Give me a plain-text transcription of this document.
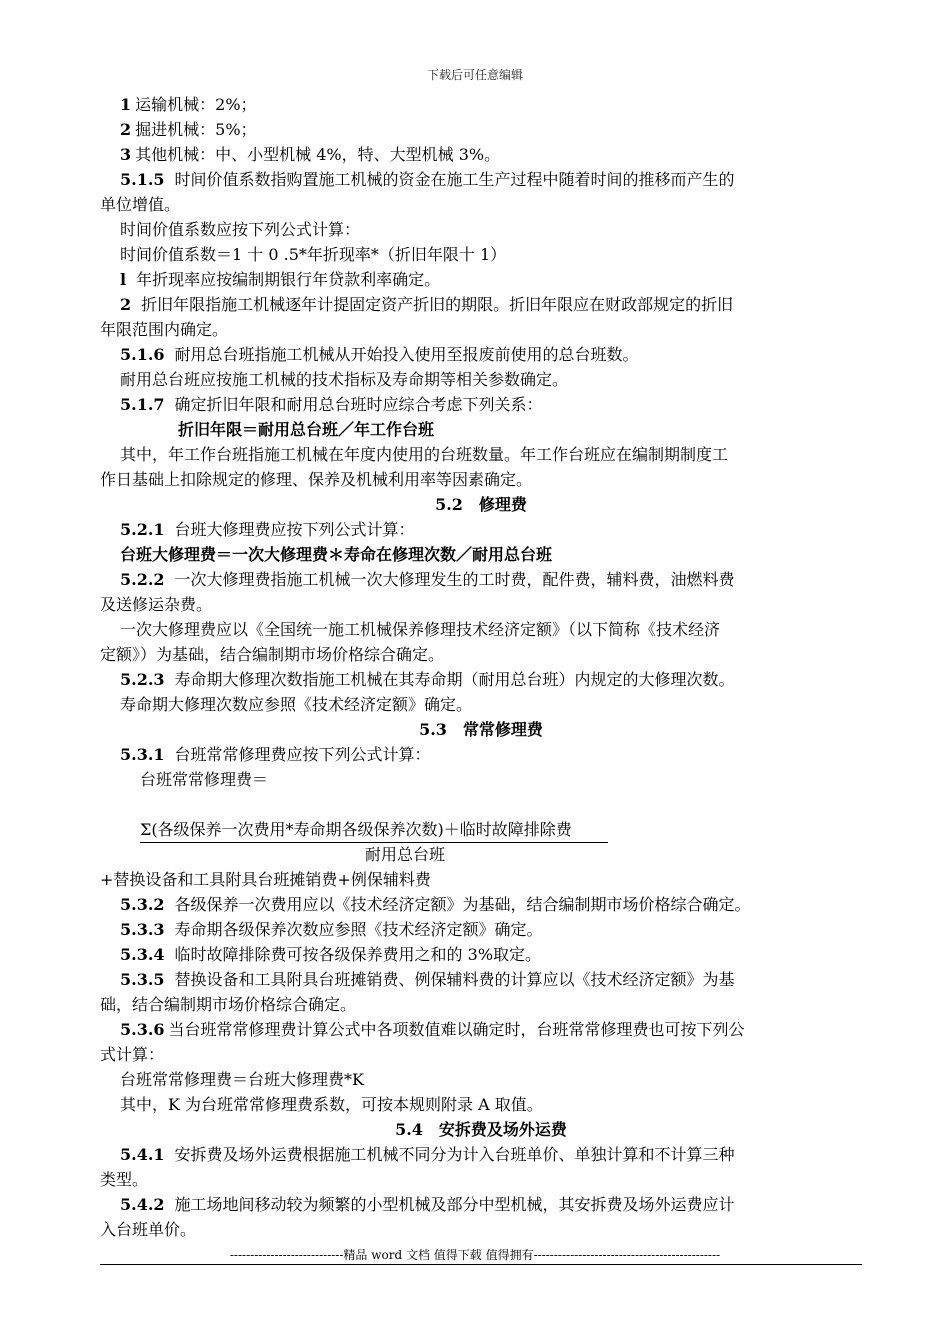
下载后可任意编辑
1 运输机械：2%；
2 掘进机械：5%；
3 其他机械：中、小型机械 4%，特、大型机械 3%。
5.1.5 时间价值系数指购置施工机械的资金在施工生产过程中随着时间的推移而产生的
单位增值。
时间价值系数应按下列公式计算：
时间价值系数＝1 十 0 .5*年折现率*（折旧年限十 1）
l 年折现率应按编制期银行年贷款利率确定。
2 折旧年限指施工机械逐年计提固定资产折旧的期限。折旧年限应在财政部规定的折旧
年限范围内确定。
5.1.6 耐用总台班指施工机械从开始投入使用至报废前使用的总台班数。
耐用总台班应按施工机械的技术指标及寿命期等相关参数确定。
5.1.7 确定折旧年限和耐用总台班时应综合考虑下列关系：
折旧年限＝耐用总台班／年工作台班
其中，年工作台班指施工机械在年度内使用的台班数量。年工作台班应在编制期制度工
作日基础上扣除规定的修理、保养及机械利用率等因素确定。
5.2　修理费
5.2.1 台班大修理费应按下列公式计算：
台班大修理费＝一次大修理费＊寿命在修理次数／耐用总台班
5.2.2 一次大修理费指施工机械一次大修理发生的工时费，配件费，辅料费，油燃料费
及送修运杂费。
一次大修理费应以《全国统一施工机械保养修理技术经济定额》（以下简称《技术经济
定额》）为基础，结合编制期市场价格综合确定。
5.2.3 寿命期大修理次数指施工机械在其寿命期（耐用总台班）内规定的大修理次数。
寿命期大修理次数应参照《技术经济定额》确定。
5.3　常常修理费
5.3.1 台班常常修理费应按下列公式计算：
台班常常修理费＝
Σ(各级保养一次费用*寿命期各级保养次数)＋临时故障排除费
耐用总台班
+替换设备和工具附具台班摊销费+例保辅料费
5.3.2 各级保养一次费用应以《技术经济定额》为基础，结合编制期市场价格综合确定。
5.3.3 寿命期各级保养次数应参照《技术经济定额》确定。
5.3.4 临时故障排除费可按各级保养费用之和的 3%取定。
5.3.5 替换设备和工具附具台班摊销费、例保辅料费的计算应以《技术经济定额》为基
础，结合编制期市场价格综合确定。
5.3.6 当台班常常修理费计算公式中各项数值难以确定时，台班常常修理费也可按下列公
式计算：
台班常常修理费＝台班大修理费*K
其中，K 为台班常常修理费系数，可按本规则附录 A 取值。
5.4　安拆费及场外运费
5.4.1 安拆费及场外运费根据施工机械不同分为计入台班单价、单独计算和不计算三种
类型。
5.4.2 施工场地间移动较为频繁的小型机械及部分中型机械，其安拆费及场外运费应计
入台班单价。
----------------------------精品 word 文档 值得下载 值得拥有----------------------------------------------
